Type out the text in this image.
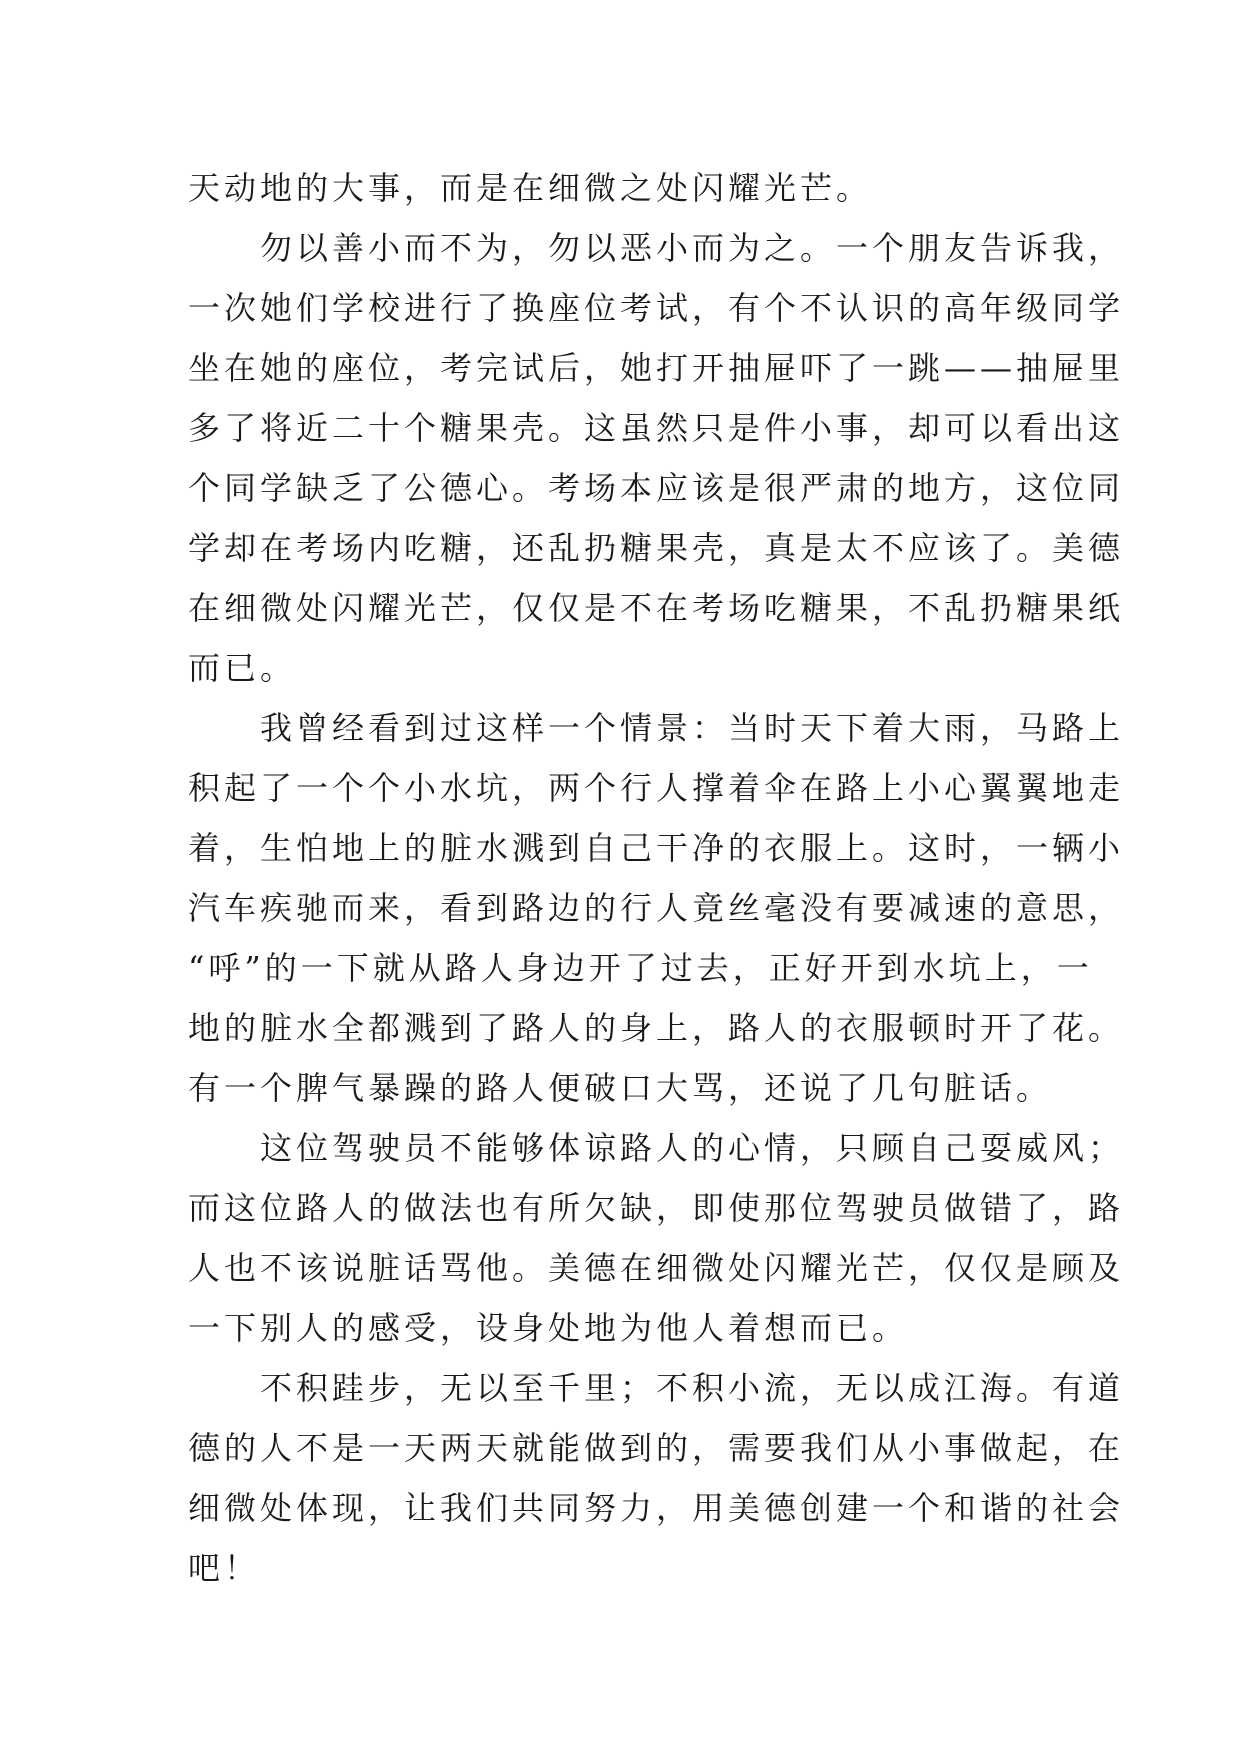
天动地的大事，而是在细微之处闪耀光芒。
勿以善小而不为，勿以恶小而为之。一个朋友告诉我，
一次她们学校进行了换座位考试，有个不认识的高年级同学
坐在她的座位，考完试后，她打开抽屉吓了一跳——抽屉里
多了将近二十个糖果壳。这虽然只是件小事，却可以看出这
个同学缺乏了公德心。考场本应该是很严肃的地方，这位同
学却在考场内吃糖，还乱扔糖果壳，真是太不应该了。美德
在细微处闪耀光芒，仅仅是不在考场吃糖果，不乱扔糖果纸
而已。
我曾经看到过这样一个情景：当时天下着大雨，马路上
积起了一个个小水坑，两个行人撑着伞在路上小心翼翼地走
着，生怕地上的脏水溅到自己干净的衣服上。这时，一辆小
汽车疾驰而来，看到路边的行人竟丝毫没有要减速的意思，
“呼”的一下就从路人身边开了过去，正好开到水坑上，一
地的脏水全都溅到了路人的身上，路人的衣服顿时开了花。
有一个脾气暴躁的路人便破口大骂，还说了几句脏话。
这位驾驶员不能够体谅路人的心情，只顾自己耍威风；
而这位路人的做法也有所欠缺，即使那位驾驶员做错了，路
人也不该说脏话骂他。美德在细微处闪耀光芒，仅仅是顾及
一下别人的感受，设身处地为他人着想而已。
不积跬步，无以至千里；不积小流，无以成江海。有道
德的人不是一天两天就能做到的，需要我们从小事做起，在
细微处体现，让我们共同努力，用美德创建一个和谐的社会
吧！
